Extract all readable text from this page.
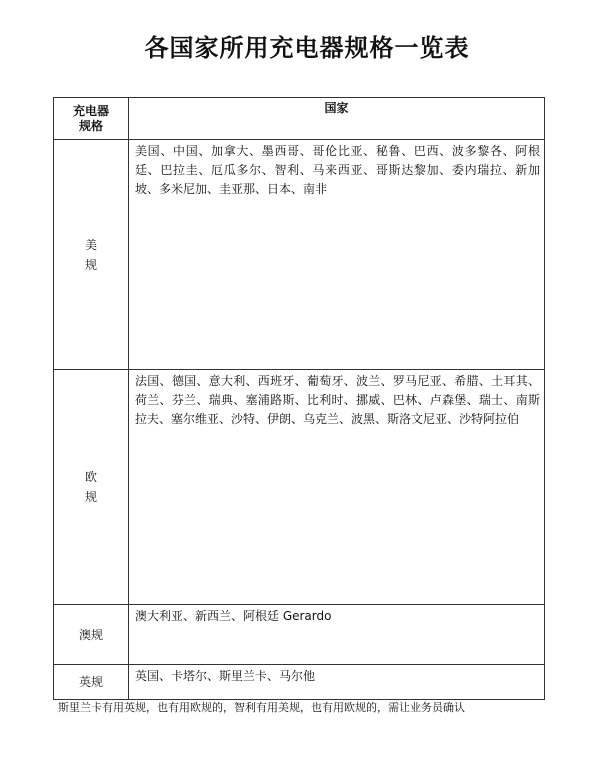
各国家所用充电器规格一览表
充电器
规格	国家

美
规	美国、中国、加拿大、墨西哥、哥伦比亚、秘鲁、巴西、波多黎各、阿根廷、巴拉圭、厄瓜多尔、智利、马来西亚、哥斯达黎加、委内瑞拉、新加坡、多米尼加、圭亚那、日本、南非

欧
规	法国、德国、意大利、西班牙、葡萄牙、波兰、罗马尼亚、希腊、土耳其、荷兰、芬兰、瑞典、塞浦路斯、比利时、挪威、巴林、卢森堡、瑞士、南斯拉夫、塞尔维亚、沙特、伊朗、乌克兰、波黑、斯洛文尼亚、沙特阿拉伯

澳规	澳大利亚、新西兰、阿根廷 Gerardo

英规	英国、卡塔尔、斯里兰卡、马尔他
斯里兰卡有用英规，也有用欧规的，智利有用美规，也有用欧规的，需让业务员确认
